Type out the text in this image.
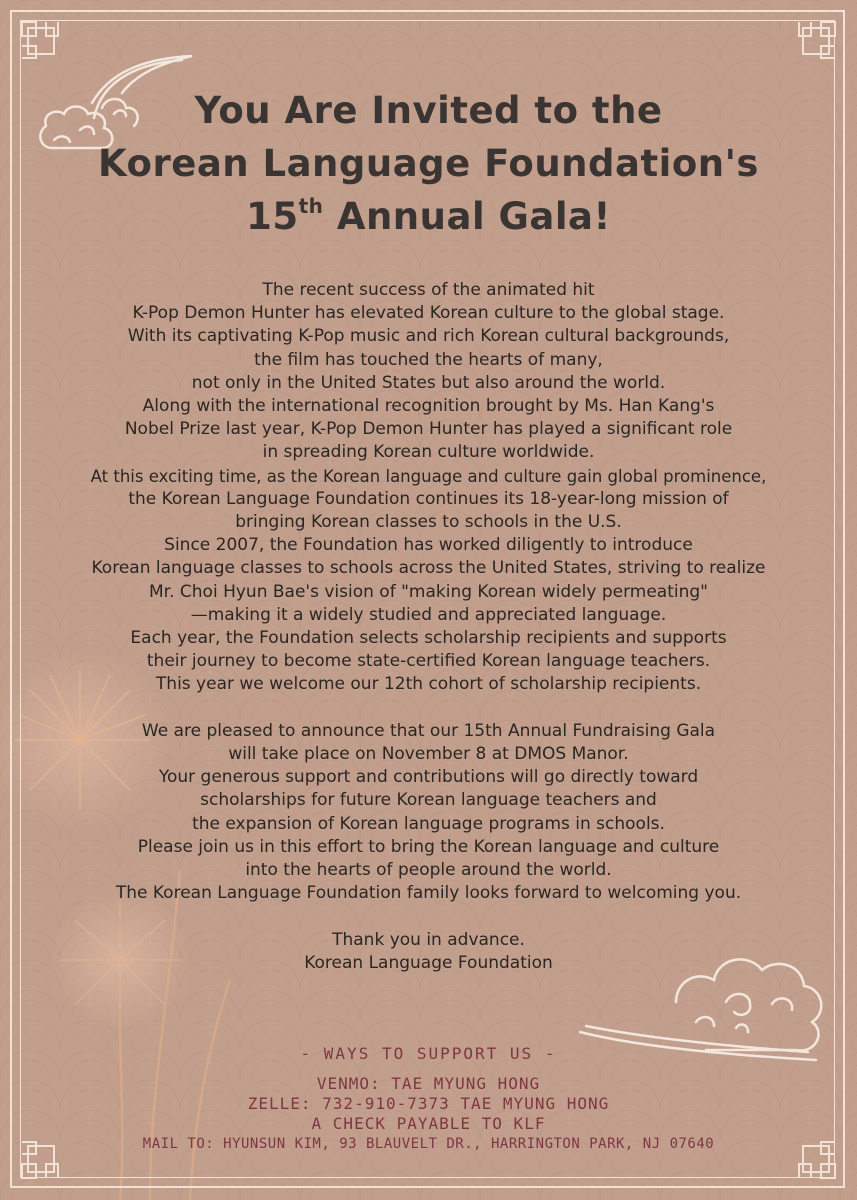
You Are Invited to the
Korean Language Foundation's
15th Annual Gala!

The recent success of the animated hit

K-Pop Demon Hunter has elevated Korean culture to the global stage.

With its captivating K-Pop music and rich Korean cultural backgrounds,

the film has touched the hearts of many,

not only in the United States but also around the world.

Along with the international recognition brought by Ms. Han Kang's

Nobel Prize last year, K-Pop Demon Hunter has played a significant role

in spreading Korean culture worldwide.

At this exciting time, as the Korean language and culture gain global prominence,

the Korean Language Foundation continues its 18-year-long mission of

bringing Korean classes to schools in the U.S.

Since 2007, the Foundation has worked diligently to introduce

Korean language classes to schools across the United States, striving to realize

Mr. Choi Hyun Bae's vision of "making Korean widely permeating"

—making it a widely studied and appreciated language.

Each year, the Foundation selects scholarship recipients and supports

their journey to become state-certified Korean language teachers.

This year we welcome our 12th cohort of scholarship recipients.

We are pleased to announce that our 15th Annual Fundraising Gala

will take place on November 8 at DMOS Manor.

Your generous support and contributions will go directly toward

scholarships for future Korean language teachers and

the expansion of Korean language programs in schools.

Please join us in this effort to bring the Korean language and culture

into the hearts of people around the world.

The Korean Language Foundation family looks forward to welcoming you.

Thank you in advance.

Korean Language Foundation

- WAYS TO SUPPORT US -

VENMO: TAE MYUNG HONG

ZELLE: 732-910-7373 TAE MYUNG HONG

A CHECK PAYABLE TO KLF

MAIL TO: HYUNSUN KIM, 93 BLAUVELT DR., HARRINGTON PARK, NJ 07640
